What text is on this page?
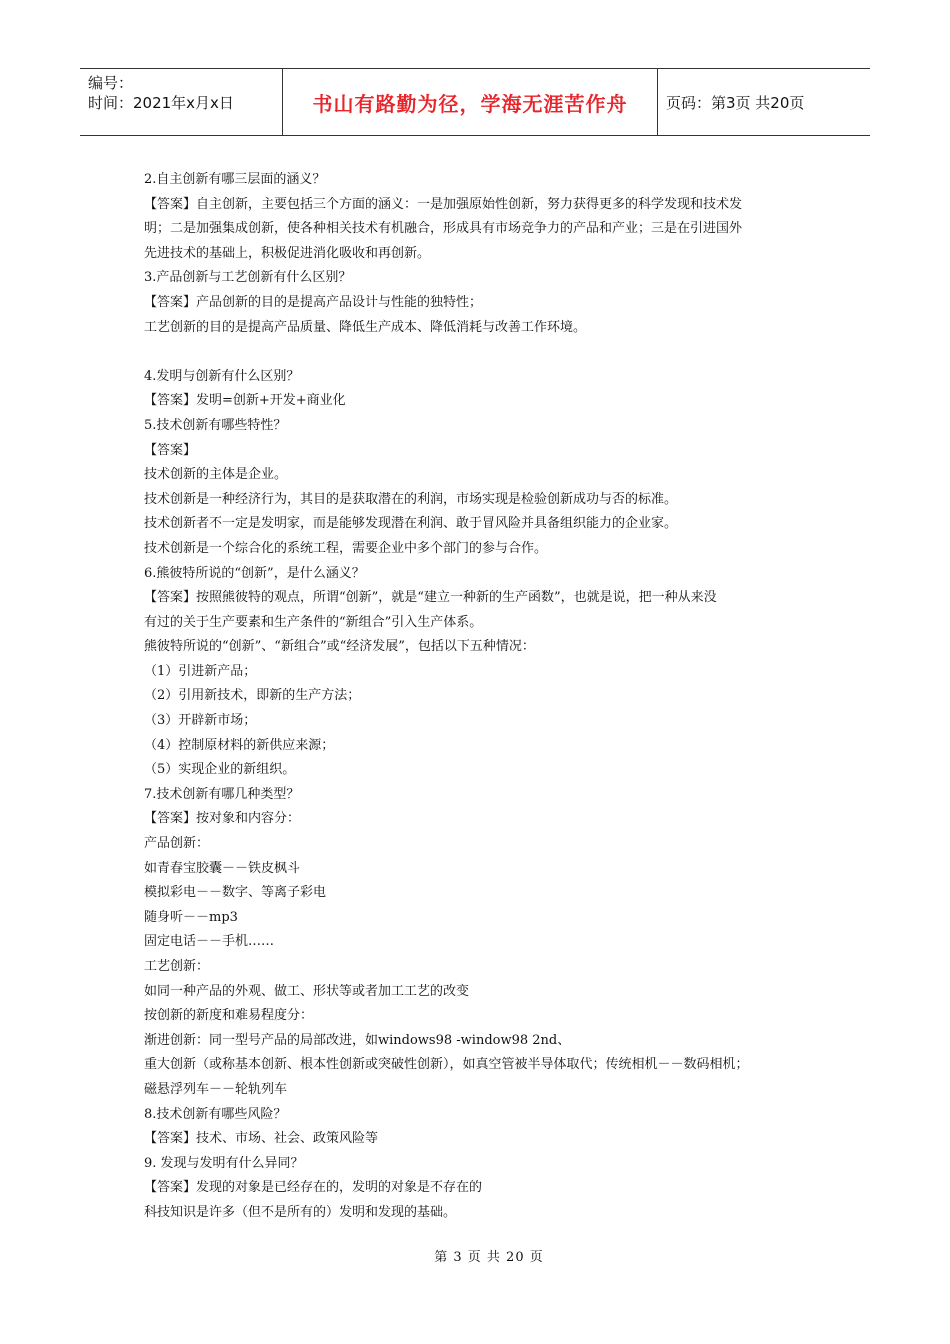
编号：
时间：2021年x月x日	书山有路勤为径，学海无涯苦作舟	页码：第3页 共20页
2.自主创新有哪三层面的涵义？
【答案】自主创新，主要包括三个方面的涵义：一是加强原始性创新，努力获得更多的科学发现和技术发
明；二是加强集成创新，使各种相关技术有机融合，形成具有市场竞争力的产品和产业；三是在引进国外
先进技术的基础上，积极促进消化吸收和再创新。
3.产品创新与工艺创新有什么区别？
【答案】产品创新的目的是提高产品设计与性能的独特性；
工艺创新的目的是提高产品质量、降低生产成本、降低消耗与改善工作环境。
4.发明与创新有什么区别？
【答案】发明=创新+开发+商业化
5.技术创新有哪些特性？
【答案】
技术创新的主体是企业。
技术创新是一种经济行为，其目的是获取潜在的利润，市场实现是检验创新成功与否的标准。
技术创新者不一定是发明家，而是能够发现潜在利润、敢于冒风险并具备组织能力的企业家。
技术创新是一个综合化的系统工程，需要企业中多个部门的参与合作。
6.熊彼特所说的“创新”，是什么涵义？
【答案】按照熊彼特的观点，所谓“创新”，就是“建立一种新的生产函数”，也就是说，把一种从来没
有过的关于生产要素和生产条件的“新组合”引入生产体系。
熊彼特所说的“创新”、“新组合”或“经济发展”，包括以下五种情况：
（1）引进新产品；
（2）引用新技术，即新的生产方法；
（3）开辟新市场；
（4）控制原材料的新供应来源；
（5）实现企业的新组织。
7.技术创新有哪几种类型？
【答案】按对象和内容分：
产品创新：
如青春宝胶囊－－铁皮枫斗
模拟彩电－－数字、等离子彩电
随身听－－mp3
固定电话－－手机……
工艺创新：
如同一种产品的外观、做工、形状等或者加工工艺的改变
按创新的新度和难易程度分：
渐进创新：同一型号产品的局部改进，如windows98 -window98 2nd、
重大创新（或称基本创新、根本性创新或突破性创新），如真空管被半导体取代；传统相机－－数码相机；
磁悬浮列车－－轮轨列车
8.技术创新有哪些风险？
【答案】技术、市场、社会、政策风险等
9. 发现与发明有什么异同？
【答案】发现的对象是已经存在的，发明的对象是不存在的
科技知识是许多（但不是所有的）发明和发现的基础。
第 3 页 共 20 页
